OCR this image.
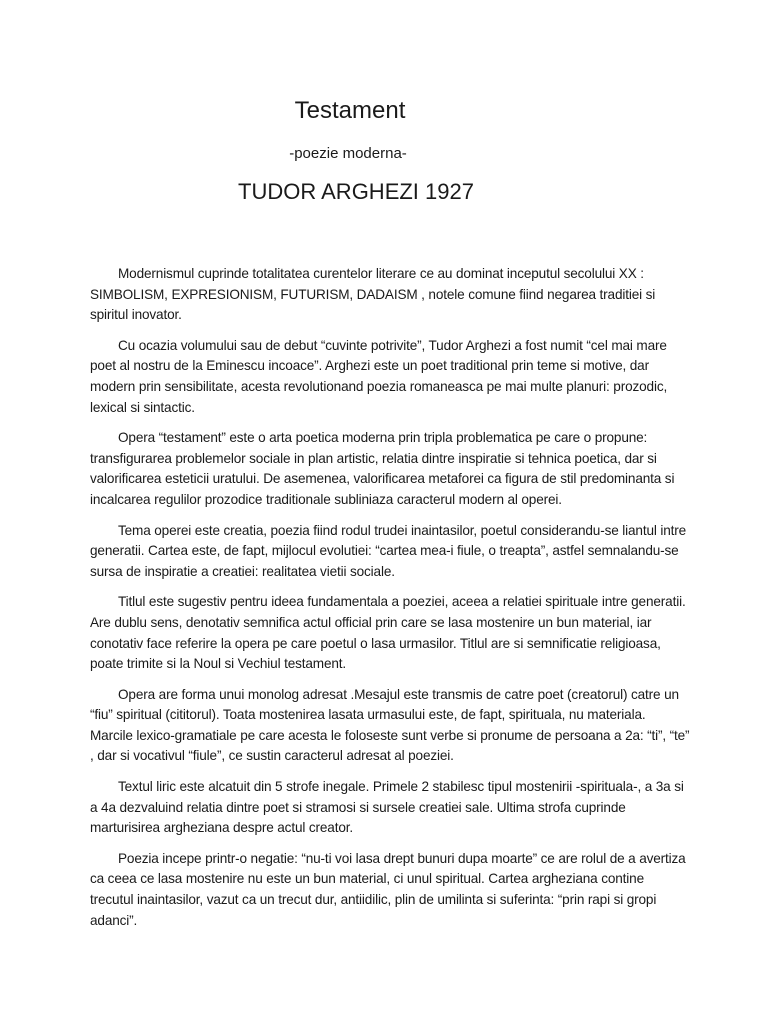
Testament
-poezie moderna-
TUDOR ARGHEZI 1927

Modernismul cuprinde totalitatea curentelor literare ce au dominat inceputul secolului XX : SIMBOLISM, EXPRESIONISM, FUTURISM, DADAISM , notele comune fiind negarea traditiei si spiritul inovator.

Cu ocazia volumului sau de debut “cuvinte potrivite”, Tudor Arghezi a fost numit “cel mai mare poet al nostru de la Eminescu incoace”. Arghezi este un poet traditional prin teme si motive, dar modern prin sensibilitate, acesta revolutionand poezia romaneasca pe mai multe planuri: prozodic, lexical si sintactic.

Opera “testament” este o arta poetica moderna prin tripla problematica pe care o propune: transfigurarea problemelor sociale in plan artistic, relatia dintre inspiratie si tehnica poetica, dar si valorificarea esteticii uratului. De asemenea, valorificarea metaforei ca figura de stil predominanta si incalcarea regulilor prozodice traditionale subliniaza caracterul modern al operei.

Tema operei este creatia, poezia fiind rodul trudei inaintasilor, poetul considerandu-se liantul intre generatii. Cartea este, de fapt, mijlocul evolutiei: “cartea mea-i fiule, o treapta”, astfel semnalandu-se sursa de inspiratie a creatiei: realitatea vietii sociale.

Titlul este sugestiv pentru ideea fundamentala a poeziei, aceea a relatiei spirituale intre generatii. Are dublu sens, denotativ semnifica actul official prin care se lasa mostenire un bun material, iar conotativ face referire la opera pe care poetul o lasa urmasilor. Titlul are si semnificatie religioasa, poate trimite si la Noul si Vechiul testament.

Opera are forma unui monolog adresat .Mesajul este transmis de catre poet (creatorul) catre un “fiu” spiritual (cititorul). Toata mostenirea lasata urmasului este, de fapt, spirituala, nu materiala. Marcile lexico-gramatiale pe care acesta le foloseste sunt verbe si pronume de persoana a 2a: “ti”, “te” , dar si vocativul “fiule”, ce sustin caracterul adresat al poeziei.

Textul liric este alcatuit din 5 strofe inegale. Primele 2 stabilesc tipul mostenirii -spirituala-, a 3a si a 4a dezvaluind relatia dintre poet si stramosi si sursele creatiei sale. Ultima strofa cuprinde marturisirea argheziana despre actul creator.

Poezia incepe printr-o negatie: “nu-ti voi lasa drept bunuri dupa moarte” ce are rolul de a avertiza ca ceea ce lasa mostenire nu este un bun material, ci unul spiritual. Cartea argheziana contine trecutul inaintasilor, vazut ca un trecut dur, antiidilic, plin de umilinta si suferinta: “prin rapi si gropi adanci”.
